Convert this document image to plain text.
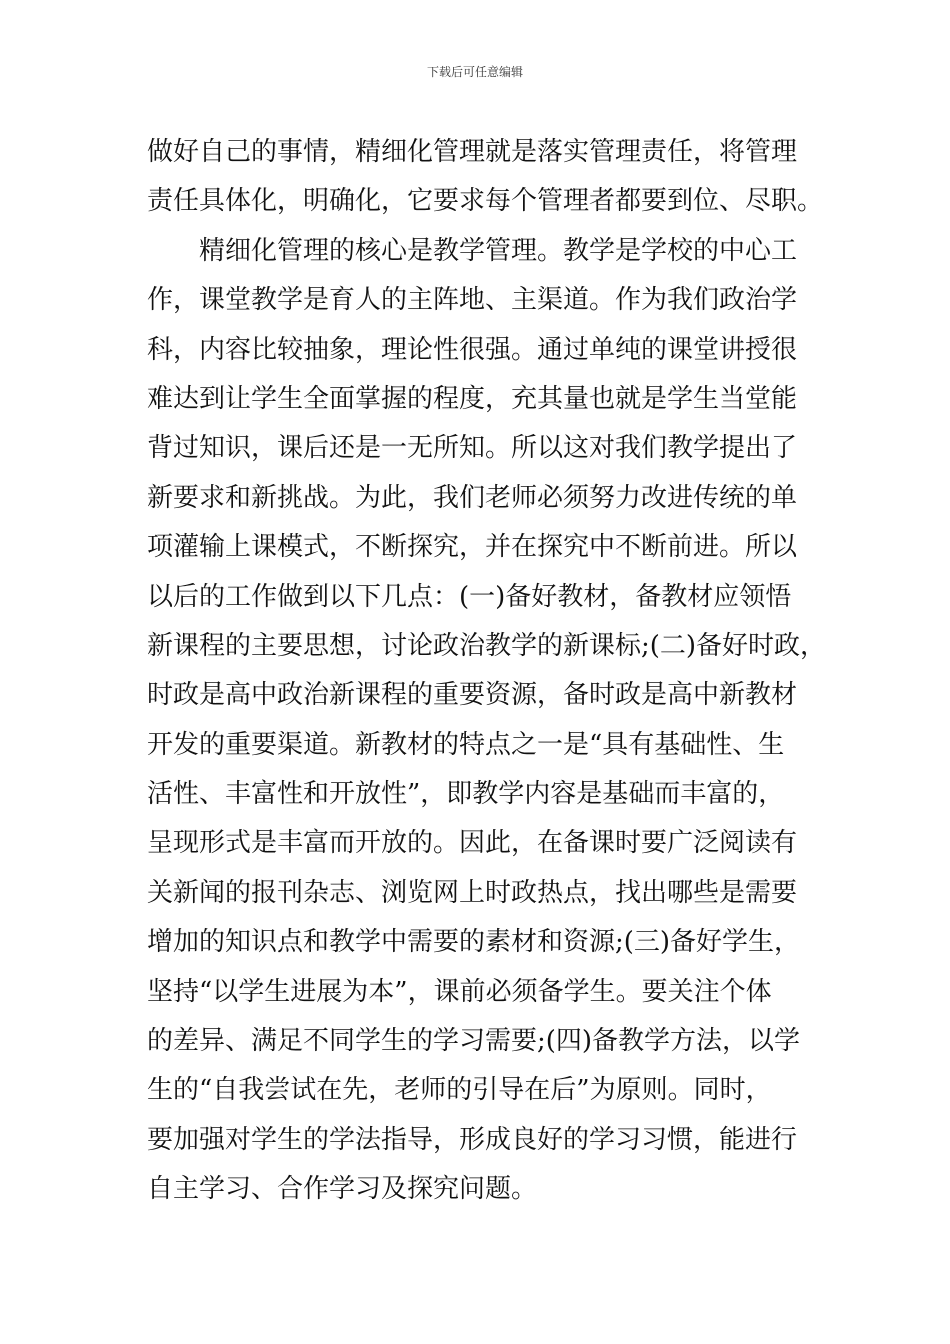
下载后可任意编辑
做好自己的事情，精细化管理就是落实管理责任，将管理
责任具体化，明确化，它要求每个管理者都要到位、尽职。
精细化管理的核心是教学管理。教学是学校的中心工
作，课堂教学是育人的主阵地、主渠道。作为我们政治学
科，内容比较抽象，理论性很强。通过单纯的课堂讲授很
难达到让学生全面掌握的程度，充其量也就是学生当堂能
背过知识，课后还是一无所知。所以这对我们教学提出了
新要求和新挑战。为此，我们老师必须努力改进传统的单
项灌输上课模式，不断探究，并在探究中不断前进。所以
以后的工作做到以下几点：(一)备好教材，备教材应领悟
新课程的主要思想，讨论政治教学的新课标;(二)备好时政，
时政是高中政治新课程的重要资源，备时政是高中新教材
开发的重要渠道。新教材的特点之一是“具有基础性、生
活性、丰富性和开放性”，即教学内容是基础而丰富的，
呈现形式是丰富而开放的。因此，在备课时要广泛阅读有
关新闻的报刊杂志、浏览网上时政热点，找出哪些是需要
增加的知识点和教学中需要的素材和资源;(三)备好学生，
坚持“以学生进展为本”，课前必须备学生。要关注个体
的差异、满足不同学生的学习需要;(四)备教学方法，以学
生的“自我尝试在先，老师的引导在后”为原则。同时，
要加强对学生的学法指导，形成良好的学习习惯，能进行
自主学习、合作学习及探究问题。
